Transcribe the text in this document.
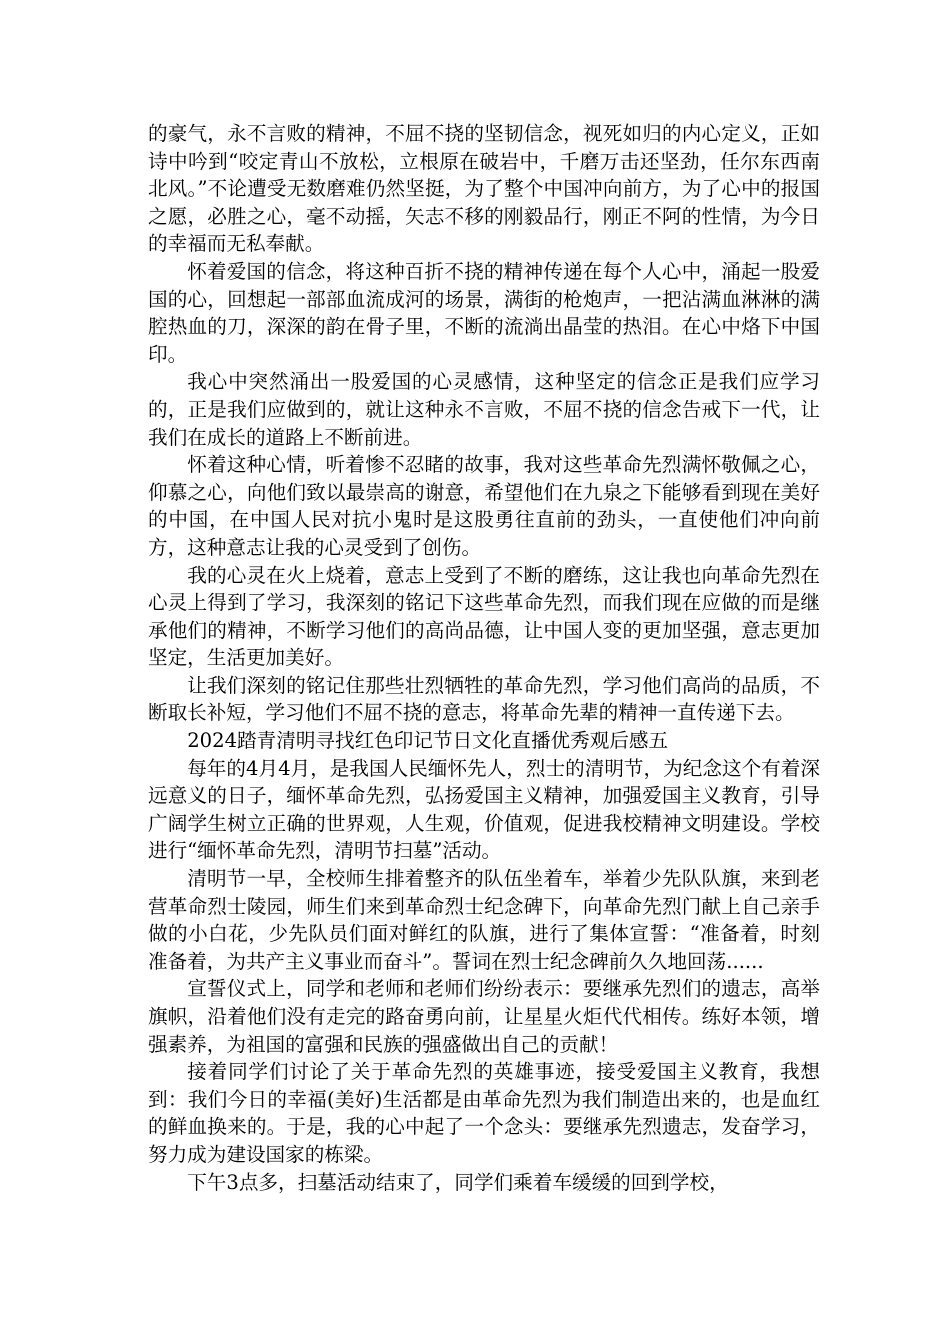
的豪气，永不言败的精神，不屈不挠的坚韧信念，视死如归的内心定义，正如诗中吟到“咬定青山不放松，立根原在破岩中，千磨万击还坚劲，任尔东西南北风。”不论遭受无数磨难仍然坚挺，为了整个中国冲向前方，为了心中的报国之愿，必胜之心，毫不动摇，矢志不移的刚毅品行，刚正不阿的性情，为今日的幸福而无私奉献。

怀着爱国的信念，将这种百折不挠的精神传递在每个人心中，涌起一股爱国的心，回想起一部部血流成河的场景，满街的枪炮声，一把沾满血淋淋的满腔热血的刀，深深的韵在骨子里，不断的流淌出晶莹的热泪。在心中烙下中国印。

我心中突然涌出一股爱国的心灵感情，这种坚定的信念正是我们应学习的，正是我们应做到的，就让这种永不言败，不屈不挠的信念告戒下一代，让我们在成长的道路上不断前进。

怀着这种心情，听着惨不忍睹的故事，我对这些革命先烈满怀敬佩之心，仰慕之心，向他们致以最崇高的谢意，希望他们在九泉之下能够看到现在美好的中国，在中国人民对抗小鬼时是这股勇往直前的劲头，一直使他们冲向前方，这种意志让我的心灵受到了创伤。

我的心灵在火上烧着，意志上受到了不断的磨练，这让我也向革命先烈在心灵上得到了学习，我深刻的铭记下这些革命先烈，而我们现在应做的而是继承他们的精神，不断学习他们的高尚品德，让中国人变的更加坚强，意志更加坚定，生活更加美好。

让我们深刻的铭记住那些壮烈牺牲的革命先烈，学习他们高尚的品质，不断取长补短，学习他们不屈不挠的意志，将革命先辈的精神一直传递下去。

2024踏青清明寻找红色印记节日文化直播优秀观后感五

每年的4月4月，是我国人民缅怀先人，烈士的清明节，为纪念这个有着深远意义的日子，缅怀革命先烈，弘扬爱国主义精神，加强爱国主义教育，引导广阔学生树立正确的世界观，人生观，价值观，促进我校精神文明建设。学校进行“缅怀革命先烈，清明节扫墓”活动。

清明节一早，全校师生排着整齐的队伍坐着车，举着少先队队旗，来到老营革命烈士陵园，师生们来到革命烈士纪念碑下，向革命先烈门献上自己亲手做的小白花，少先队员们面对鲜红的队旗，进行了集体宣誓：“准备着，时刻准备着，为共产主义事业而奋斗”。誓词在烈士纪念碑前久久地回荡......

宣誓仪式上，同学和老师和老师们纷纷表示：要继承先烈们的遗志，高举旗帜，沿着他们没有走完的路奋勇向前，让星星火炬代代相传。练好本领，增强素养，为祖国的富强和民族的强盛做出自己的贡献！

接着同学们讨论了关于革命先烈的英雄事迹，接受爱国主义教育，我想到：我们今日的幸福(美好)生活都是由革命先烈为我们制造出来的，也是血红的鲜血换来的。于是，我的心中起了一个念头：要继承先烈遗志，发奋学习，努力成为建设国家的栋梁。

下午3点多，扫墓活动结束了，同学们乘着车缓缓的回到学校，
